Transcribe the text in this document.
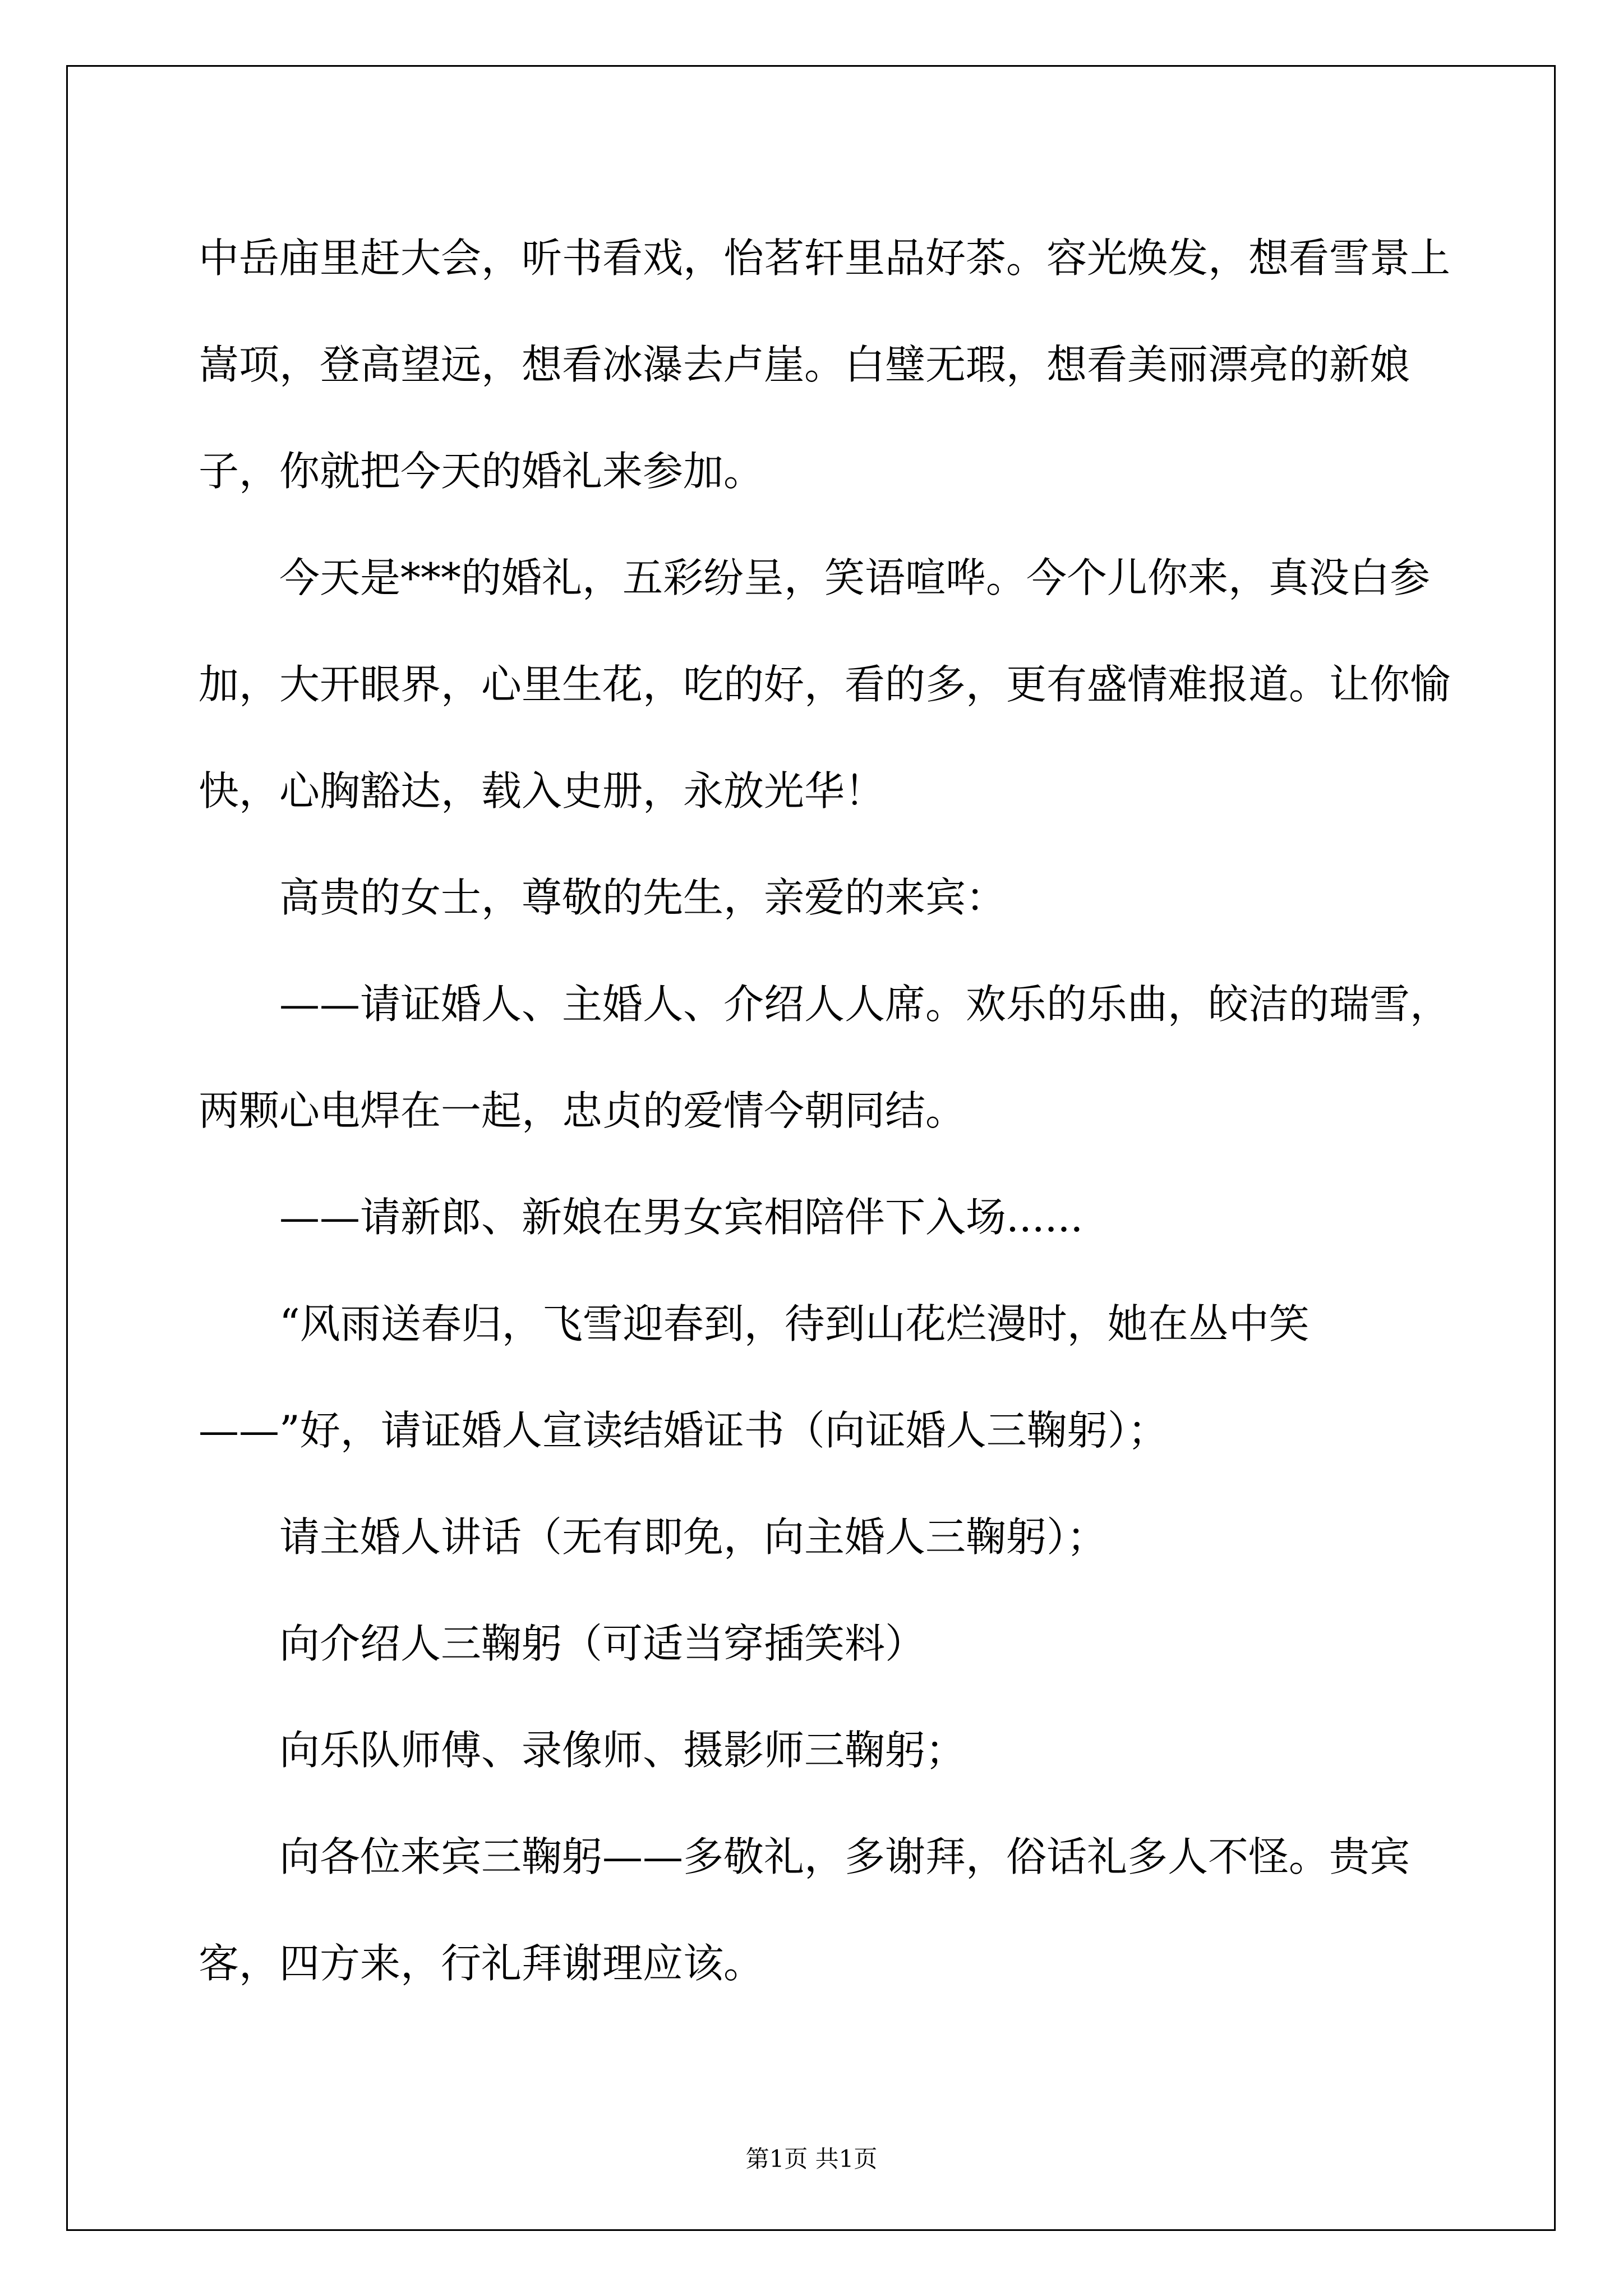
中岳庙里赶大会，听书看戏，怡茗轩里品好茶。容光焕发，想看雪景上嵩项，登高望远，想看冰瀑去卢崖。白璧无瑕，想看美丽漂亮的新娘子，你就把今天的婚礼来参加。

今天是***的婚礼，五彩纷呈，笑语喧哗。今个儿你来，真没白参加，大开眼界，心里生花，吃的好，看的多，更有盛情难报道。让你愉快，心胸豁达，载入史册，永放光华！

高贵的女士，尊敬的先生，亲爱的来宾：

——请证婚人、主婚人、介绍人人席。欢乐的乐曲，皎洁的瑞雪，两颗心电焊在一起，忠贞的爱情今朝同结。

——请新郎、新娘在男女宾相陪伴下入场......

“风雨送春归，飞雪迎春到，待到山花烂漫时，她在丛中笑——”好，请证婚人宣读结婚证书（向证婚人三鞠躬）；

请主婚人讲话（无有即免，向主婚人三鞠躬）；

向介绍人三鞠躬（可适当穿插笑料）

向乐队师傅、录像师、摄影师三鞠躬；

向各位来宾三鞠躬——多敬礼，多谢拜，俗话礼多人不怪。贵宾客，四方来，行礼拜谢理应该。

第1页 共1页
